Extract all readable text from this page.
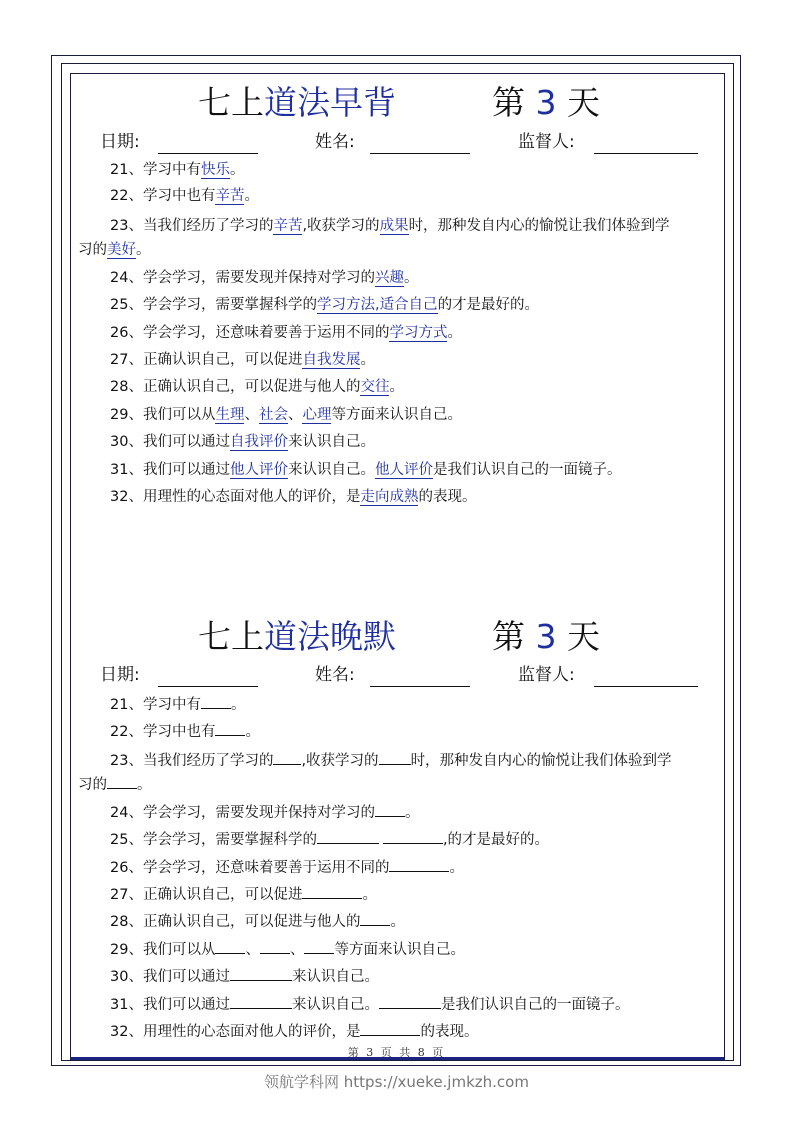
七上道法早背	第 3 天
日期:	姓名:	监督人:
21、学习中有快乐。
22、学习中也有辛苦。
23、当我们经历了学习的辛苦,收获学习的成果时，那种发自内心的愉悦让我们体验到学
习的美好。
24、学会学习，需要发现并保持对学习的兴趣。
25、学会学习，需要掌握科学的学习方法,适合自己的才是最好的。
26、学会学习，还意味着要善于运用不同的学习方式。
27、正确认识自己，可以促进自我发展。
28、正确认识自己，可以促进与他人的交往。
29、我们可以从生理、社会、心理等方面来认识自己。
30、我们可以通过自我评价来认识自己。
31、我们可以通过他人评价来认识自己。他人评价是我们认识自己的一面镜子。
32、用理性的心态面对他人的评价，是走向成熟的表现。
七上道法晚默	第 3 天
日期:	姓名:	监督人:
21、学习中有 。
22、学习中也有 。
23、当我们经历了学习的 ,收获学习的 时，那种发自内心的愉悦让我们体验到学
习的 。
24、学会学习，需要发现并保持对学习的 。
25、学会学习，需要掌握科学的	,的才是最好的。
26、学会学习，还意味着要善于运用不同的	。
27、正确认识自己，可以促进	。
28、正确认识自己，可以促进与他人的 。
29、我们可以从 、 、 等方面来认识自己。
30、我们可以通过	来认识自己。
31、我们可以通过	来认识自己。	是我们认识自己的一面镜子。
32、用理性的心态面对他人的评价，是	的表现。
第 3 页 共 8 页
领航学科网 https://xueke.jmkzh.com
